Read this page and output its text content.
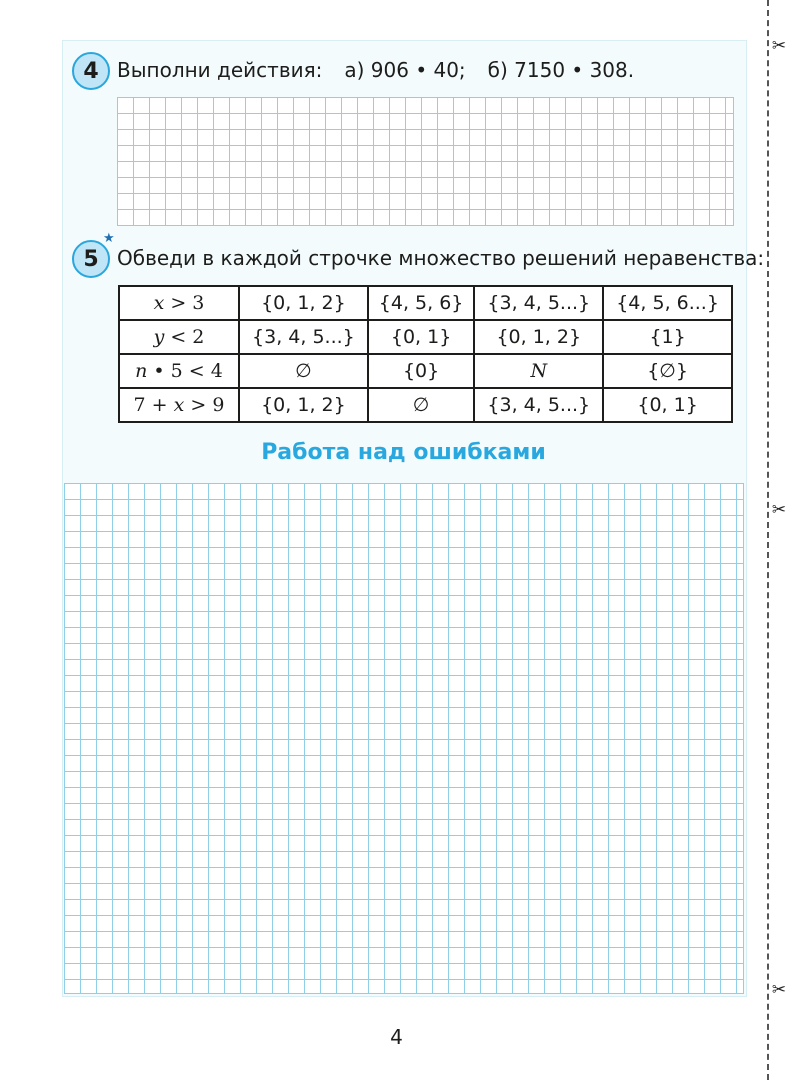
✂
✂
✂
4 Выполни действия: а) 906 • 40; б) 7150 • 308.
5
★
Обведи в каждой строчке множество решений неравенства:
x > 3	{0, 1, 2}	{4, 5, 6}	{3, 4, 5...}	{4, 5, 6...}
y < 2	{3, 4, 5...}	{0, 1}	{0, 1, 2}	{1}
n • 5 < 4	∅	{0}	N	{∅}
7 + x > 9	{0, 1, 2}	∅	{3, 4, 5...}	{0, 1}
Работа над ошибками
4
